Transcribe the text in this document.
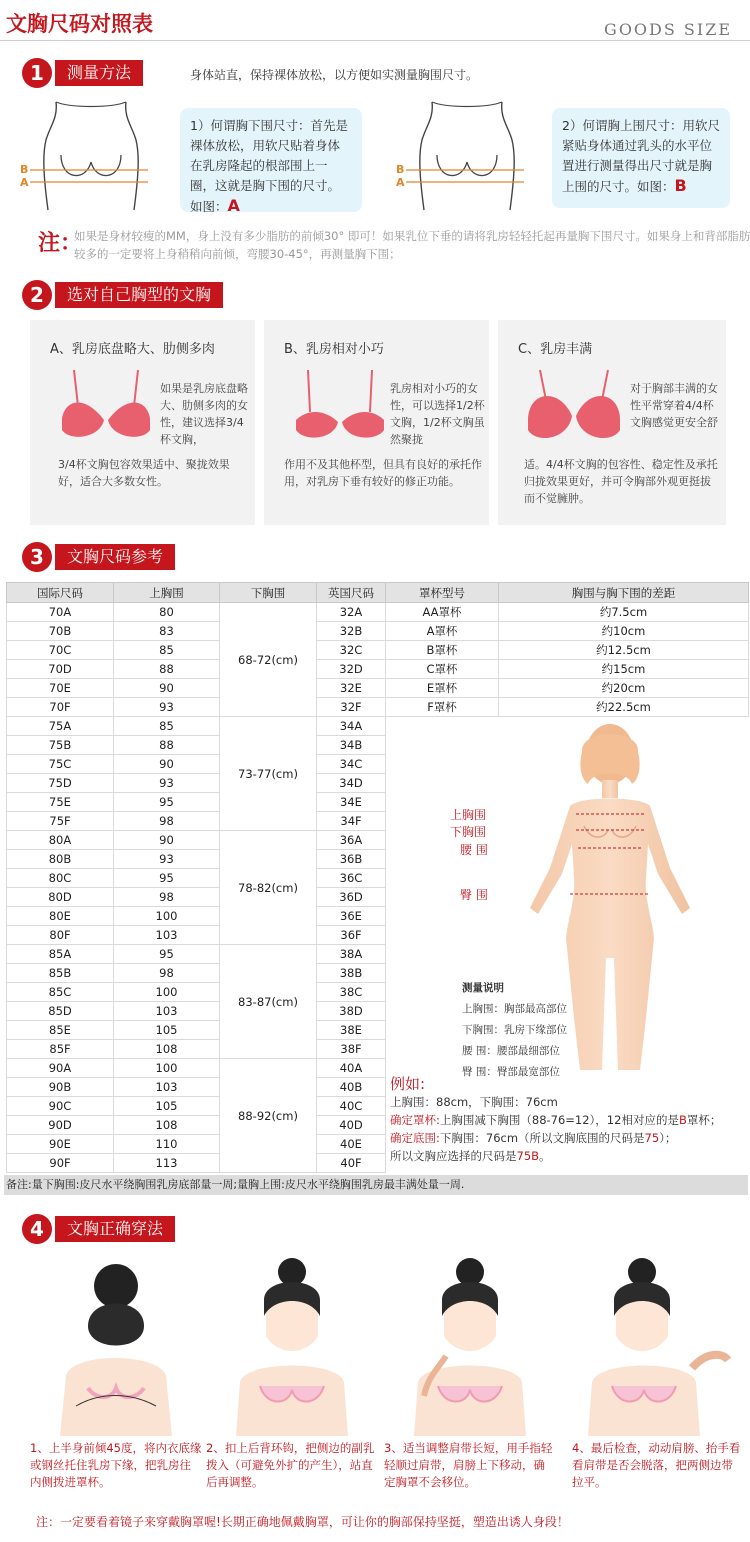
文胸尺码对照表	GOODS SIZE
1	测量方法	身体站直，保持裸体放松，以方便如实测量胸围尺寸。
B
A
1）何谓胸下围尺寸：首先是裸体放松，用软尺贴着身体在乳房隆起的根部围上一圈，这就是胸下围的尺寸。如图：A
B
A
2）何谓胸上围尺寸：用软尺紧贴身体通过乳头的水平位置进行测量得出尺寸就是胸上围的尺寸。如图：B
注：
如果是身材较瘦的MM，身上没有多少脂肪的前倾30° 即可！如果乳位下垂的请将乳房轻轻托起再量胸下围尺寸。如果身上和背部脂肪较多的一定要将上身稍稍向前倾，弯腰30-45°，再测量胸下围；
2	选对自己胸型的文胸
A、乳房底盘略大、肋侧多肉
如果是乳房底盘略大、肋侧多肉的女性，建议选择3/4杯文胸，
3/4杯文胸包容效果适中、聚拢效果好，适合大多数女性。
B、乳房相对小巧
乳房相对小巧的女性，可以选择1/2杯文胸，1/2杯文胸虽然聚拢
作用不及其他杯型，但具有良好的承托作用，对乳房下垂有较好的修正功能。
C、乳房丰满
对于胸部丰满的女性平常穿着4/4杯文胸感觉更安全舒
适。4/4杯文胸的包容性、稳定性及承托归拢效果更好，并可令胸部外观更挺拔而不觉臃肿。
3	文胸尺码参考
国际尺码	上胸围	下胸围	英国尺码	罩杯型号	胸围与胸下围的差距
70A	80	68-72(cm)	32A	AA罩杯	约7.5cm
70B	83		32B	A罩杯	约10cm
70C	85		32C	B罩杯	约12.5cm
70D	88		32D	C罩杯	约15cm
70E	90		32E	E罩杯	约20cm
70F	93		32F	F罩杯	约22.5cm
75A	85	73-77(cm)	34A		
75B	88		34B		
75C	90		34C		
75D	93		34D		
75E	95		34E		
75F	98		34F		
80A	90	78-82(cm)	36A		
80B	93		36B		
80C	95		36C		
80D	98		36D		
80E	100		36E		
80F	103		36F		
85A	95	83-87(cm)	38A		
85B	98		38B		
85C	100		38C		
85D	103		38D		
85E	105		38E		
85F	108		38F		
90A	100	88-92(cm)	40A		
90B	103		40B		
90C	105		40C		
90D	108		40D		
90E	110		40E		
90F	113		40F		
上胸围
下胸围
腰 围
臀 围
测量说明
上胸围：胸部最高部位
下胸围：乳房下缘部位
腰 围：腰部最细部位
臀 围：臀部最宽部位
例如:
上胸围：88cm，下胸围：76cm
确定罩杯:上胸围减下胸围（88-76=12），12相对应的是B罩杯；
确定底围:下胸围：76cm（所以文胸底围的尺码是75）；
所以文胸应选择的尺码是75B。
备注:量下胸围:皮尺水平绕胸围乳房底部量一周;量胸上围:皮尺水平绕胸围乳房最丰满处量一周.
4	文胸正确穿法
1、上半身前倾45度，将内衣底缘或钢丝托住乳房下缘，把乳房往内侧拨进罩杯。
2、扣上后背环钩，把侧边的副乳拨入（可避免外扩的产生），站直后再调整。
3、适当调整肩带长短，用手指轻轻顺过肩带，肩膀上下移动，确定胸罩不会移位。
4、最后检查，动动肩膀、抬手看看肩带是否会脱落，把两侧边带拉平。
注：一定要看着镜子来穿戴胸罩喔!长期正确地佩戴胸罩，可让你的胸部保持坚挺，塑造出诱人身段！
